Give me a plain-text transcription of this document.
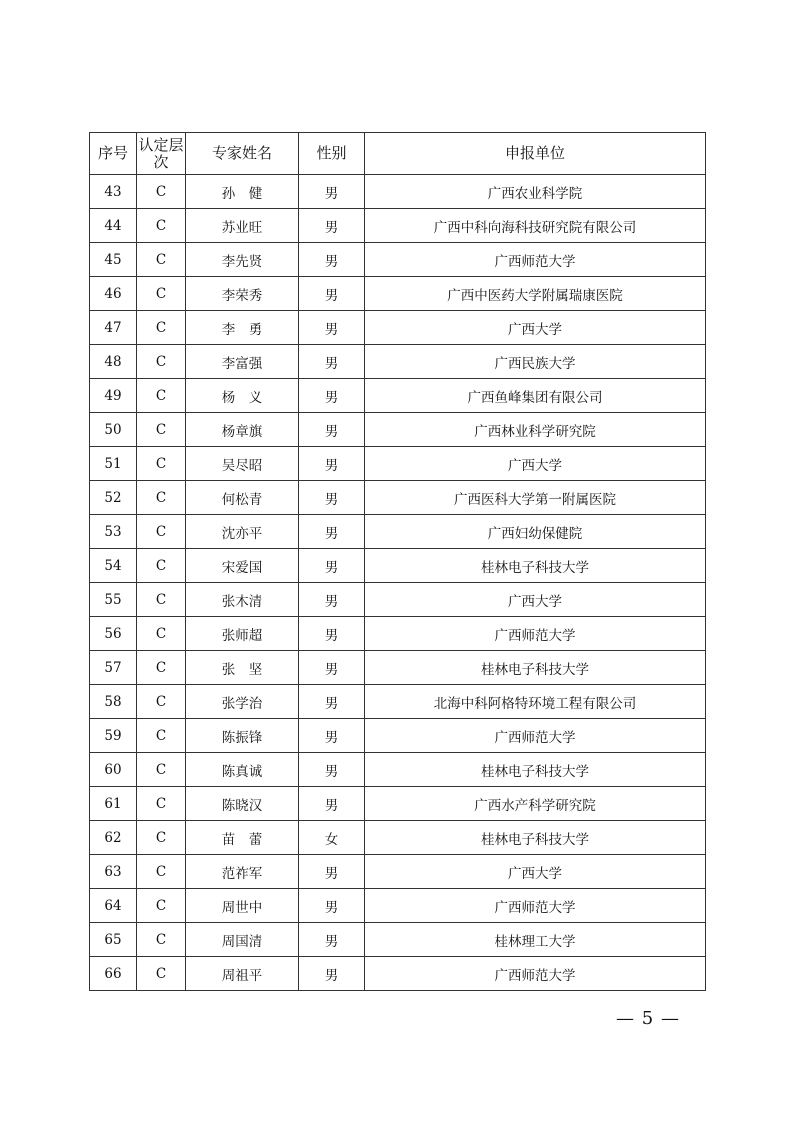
序号	认定层次	专家姓名	性别	申报单位
43	C	孙　健	男	广西农业科学院
44	C	苏业旺	男	广西中科向海科技研究院有限公司
45	C	李先贤	男	广西师范大学
46	C	李荣秀	男	广西中医药大学附属瑞康医院
47	C	李　勇	男	广西大学
48	C	李富强	男	广西民族大学
49	C	杨　义	男	广西鱼峰集团有限公司
50	C	杨章旗	男	广西林业科学研究院
51	C	吴尽昭	男	广西大学
52	C	何松青	男	广西医科大学第一附属医院
53	C	沈亦平	男	广西妇幼保健院
54	C	宋爱国	男	桂林电子科技大学
55	C	张木清	男	广西大学
56	C	张师超	男	广西师范大学
57	C	张　坚	男	桂林电子科技大学
58	C	张学治	男	北海中科阿格特环境工程有限公司
59	C	陈振锋	男	广西师范大学
60	C	陈真诚	男	桂林电子科技大学
61	C	陈晓汉	男	广西水产科学研究院
62	C	苗　蕾	女	桂林电子科技大学
63	C	范祚军	男	广西大学
64	C	周世中	男	广西师范大学
65	C	周国清	男	桂林理工大学
66	C	周祖平	男	广西师范大学
— 5 —
